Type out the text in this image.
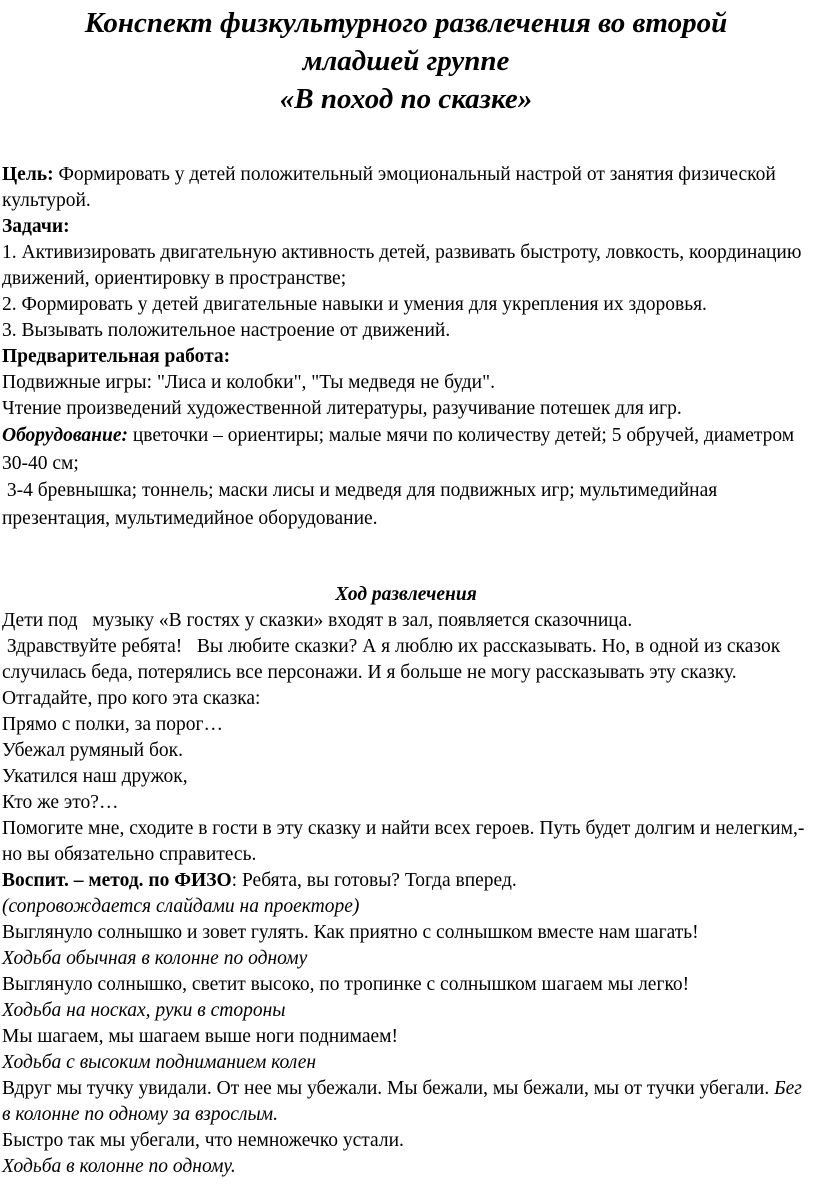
Конспект физкультурного развлечения во второй
младшей группе
«В поход по сказке»

Цель: Формировать у детей положительный эмоциональный настрой от занятия физической культурой.

Задачи:

1. Активизировать двигательную активность детей, развивать быстроту, ловкость, координацию движений, ориентировку в пространстве;

2. Формировать у детей двигательные навыки и умения для укрепления их здоровья.

3. Вызывать положительное настроение от движений.

Предварительная работа:

Подвижные игры: "Лиса и колобки", "Ты медведя не буди".

Чтение произведений художественной литературы, разучивание потешек для игр.

Оборудование: цветочки – ориентиры; малые мячи по количеству детей; 5 обручей, диаметром 30-40 см;

3-4 бревнышка; тоннель; маски лисы и медведя для подвижных игр; мультимедийная презентация, мультимедийное оборудование.

Ход развлечения

Дети под   музыку «В гостях у сказки» входят в зал, появляется сказочница.

Здравствуйте ребята!   Вы любите сказки? А я люблю их рассказывать. Но, в одной из сказок случилась беда, потерялись все персонажи. И я больше не могу рассказывать эту сказку. Отгадайте, про кого эта сказка:

Прямо с полки, за порог…

Убежал румяный бок.

Укатился наш дружок,

Кто же это?…

Помогите мне, сходите в гости в эту сказку и найти всех героев. Путь будет долгим и нелегким,- но вы обязательно справитесь.

Воспит. – метод. по ФИЗО: Ребята, вы готовы? Тогда вперед.

(сопровождается слайдами на проекторе)

Выглянуло солнышко и зовет гулять. Как приятно с солнышком вместе нам шагать!

Ходьба обычная в колонне по одному

Выглянуло солнышко, светит высоко, по тропинке с солнышком шагаем мы легко!

Ходьба на носках, руки в стороны

Мы шагаем, мы шагаем выше ноги поднимаем!

Ходьба с высоким подниманием колен

Вдруг мы тучку увидали. От нее мы убежали. Мы бежали, мы бежали, мы от тучки убегали. Бег в колонне по одному за взрослым.

Быстро так мы убегали, что немножечко устали.

Ходьба в колонне по одному.
